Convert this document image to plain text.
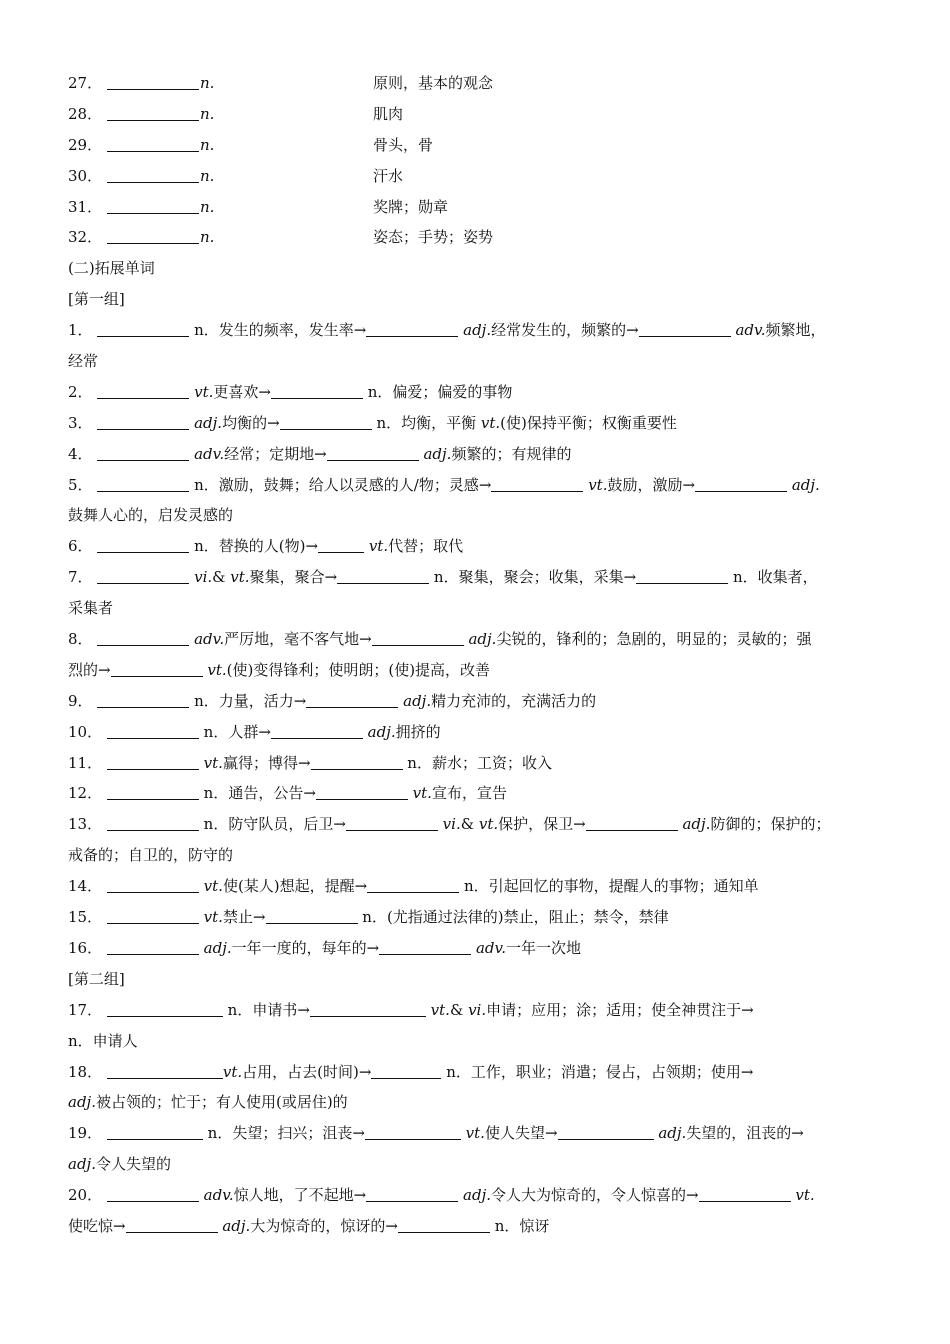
27．	n.	原则，基本的观念
28．	n.	肌肉
29．	n.	骨头，骨
30．	n.	汗水
31．	n.	奖牌；勋章
32．	n.	姿态；手势；姿势
(二)拓展单词
[第一组]
1．	n．发生的频率，发生率→	adj.经常发生的，频繁的→	adv.频繁地，
经常
2．	vt.更喜欢→	n．偏爱；偏爱的事物
3．	adj.均衡的→	n．均衡，平衡 vt.(使)保持平衡；权衡重要性
4．	adv.经常；定期地→	adj.频繁的；有规律的
5．	n．激励，鼓舞；给人以灵感的人/物；灵感→	vt.鼓励，激励→	adj.
鼓舞人心的，启发灵感的
6．	n．替换的人(物)→	vt.代替；取代
7．	vi.& vt.聚集，聚合→	n．聚集，聚会；收集，采集→	n．收集者，
采集者
8．	adv.严厉地，毫不客气地→	adj.尖锐的，锋利的；急剧的，明显的；灵敏的；强
烈的→	vt.(使)变得锋利；使明朗；(使)提高，改善
9．	n．力量，活力→	adj.精力充沛的，充满活力的
10．	n．人群→	adj.拥挤的
11．	vt.赢得；博得→	n．薪水；工资；收入
12．	n．通告，公告→	vt.宣布，宣告
13．	n．防守队员，后卫→	vi.& vt.保护，保卫→	adj.防御的；保护的；
戒备的；自卫的，防守的
14．	vt.使(某人)想起，提醒→	n．引起回忆的事物，提醒人的事物；通知单
15．	vt.禁止→	n．(尤指通过法律的)禁止，阻止；禁令，禁律
16．	adj.一年一度的，每年的→	adv.一年一次地
[第二组]
17．	n．申请书→	vt.& vi.申请；应用；涂；适用；使全神贯注于→
n．申请人
18．	vt.占用，占去(时间)→	n．工作，职业；消遣；侵占，占领期；使用→
adj.被占领的；忙于；有人使用(或居住)的
19．	n．失望；扫兴；沮丧→	vt.使人失望→	adj.失望的，沮丧的→
adj.令人失望的
20．	adv.惊人地，了不起地→	adj.令人大为惊奇的，令人惊喜的→	vt.
使吃惊→	adj.大为惊奇的，惊讶的→	n．惊讶
